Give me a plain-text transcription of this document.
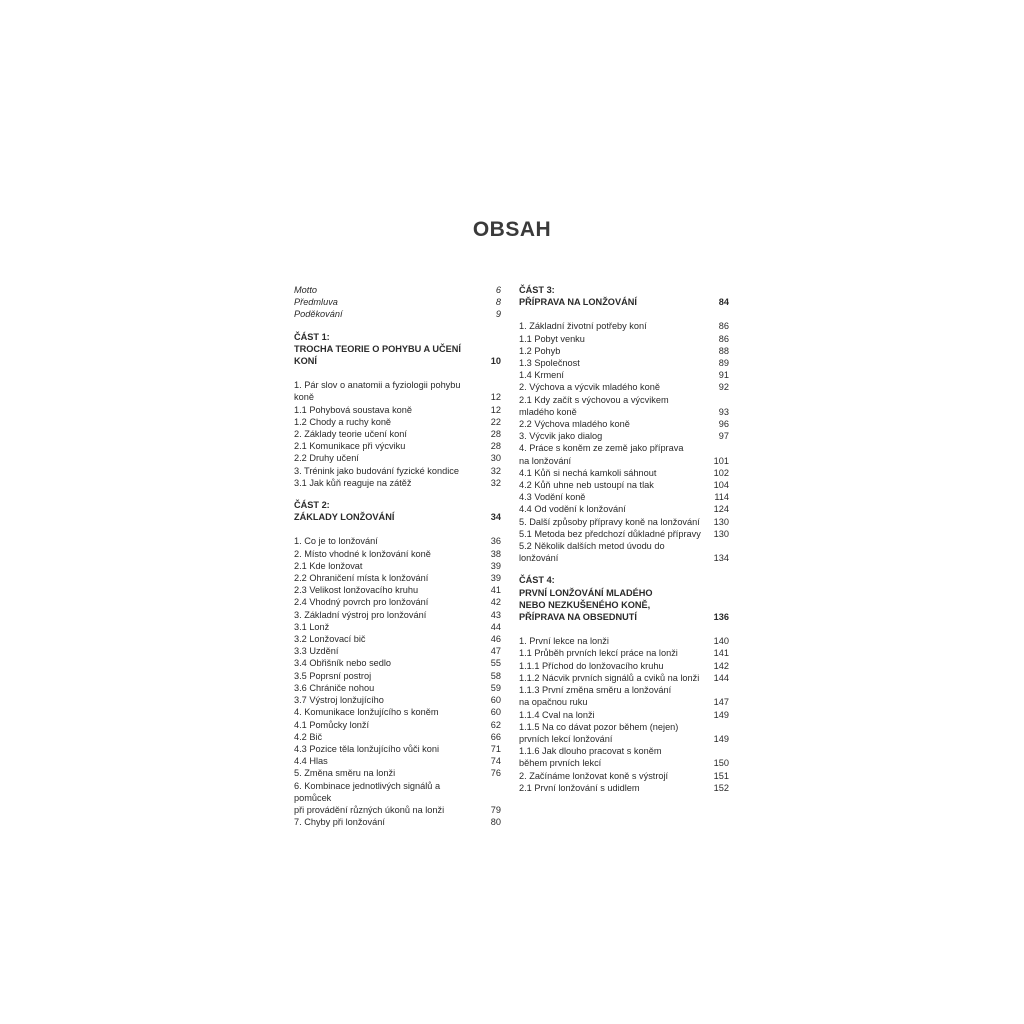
OBSAH
Motto	6
Předmluva	8
Poděkování	9
ČÁST 1:
TROCHA TEORIE O POHYBU A UČENÍ KONÍ	10
1. Pár slov o anatomii a fyziologii pohybu koně	12
1.1 Pohybová soustava koně	12
1.2 Chody a ruchy koně	22
2. Základy teorie učení koní	28
2.1 Komunikace při výcviku	28
2.2 Druhy učení	30
3. Trénink jako budování fyzické kondice	32
3.1 Jak kůň reaguje na zátěž	32
ČÁST 2:
ZÁKLADY LONŽOVÁNÍ	34
1. Co je to lonžování	36
2. Místo vhodné k lonžování koně	38
2.1 Kde lonžovat	39
2.2 Ohraničení místa k lonžování	39
2.3 Velikost lonžovacího kruhu	41
2.4 Vhodný povrch pro lonžování	42
3. Základní výstroj pro lonžování	43
3.1 Lonž	44
3.2 Lonžovací bič	46
3.3 Uzdění	47
3.4 Obřišník nebo sedlo	55
3.5 Poprsní postroj	58
3.6 Chrániče nohou	59
3.7 Výstroj lonžujícího	60
4. Komunikace lonžujícího s koněm	60
4.1 Pomůcky lonží	62
4.2 Bič	66
4.3 Pozice těla lonžujícího vůči koni	71
4.4 Hlas	74
5. Změna směru na lonži	76
6. Kombinace jednotlivých signálů a pomůcek
při provádění různých úkonů na lonži	79
7. Chyby při lonžování	80
ČÁST 3:
PŘÍPRAVA NA LONŽOVÁNÍ	84
1. Základní životní potřeby koní	86
1.1 Pobyt venku	86
1.2 Pohyb	88
1.3 Společnost	89
1.4 Krmení	91
2. Výchova a výcvik mladého koně	92
2.1 Kdy začít s výchovou a výcvikem
mladého koně	93
2.2 Výchova mladého koně	96
3. Výcvik jako dialog	97
4. Práce s koněm ze země jako příprava
na lonžování	101
4.1 Kůň si nechá kamkoli sáhnout	102
4.2 Kůň uhne neb ustoupí na tlak	104
4.3 Vodění koně	114
4.4 Od vodění k lonžování	124
5. Další způsoby přípravy koně na lonžování	130
5.1 Metoda bez předchozí důkladné přípravy	130
5.2 Několik dalších metod úvodu do lonžování	134
ČÁST 4:
PRVNÍ LONŽOVÁNÍ MLADÉHO
NEBO NEZKUŠENÉHO KONĚ,
PŘÍPRAVA NA OBSEDNUTÍ	136
1. První lekce na lonži	140
1.1 Průběh prvních lekcí práce na lonži	141
1.1.1 Příchod do lonžovacího kruhu	142
1.1.2 Nácvik prvních signálů a cviků na lonži	144
1.1.3 První změna směru a lonžování
na opačnou ruku	147
1.1.4 Cval na lonži	149
1.1.5 Na co dávat pozor během (nejen)
prvních lekcí lonžování	149
1.1.6 Jak dlouho pracovat s koněm
během prvních lekcí	150
2. Začínáme lonžovat koně s výstrojí	151
2.1 První lonžování s udidlem	152
